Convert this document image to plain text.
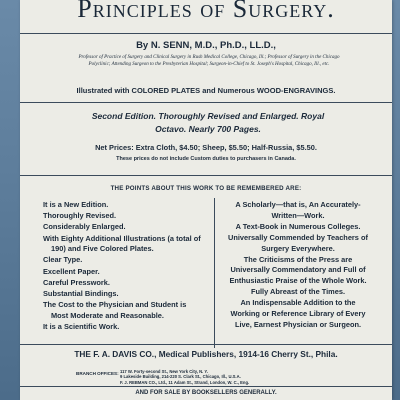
Principles of Surgery.
By N. SENN, M.D., Ph.D., LL.D.,
Professor of Practice of Surgery and Clinical Surgery in Rush Medical College, Chicago, Ill.; Professor of Surgery in the Chicago Polyclinic; Attending Surgeon to the Presbyterian Hospital; Surgeon-in-Chief to St. Joseph's Hospital, Chicago, Ill., etc.
Illustrated with COLORED PLATES and Numerous WOOD-ENGRAVINGS.
Second Edition. Thoroughly Revised and Enlarged. Royal Octavo. Nearly 700 Pages.
Net Prices: Extra Cloth, $4.50; Sheep, $5.50; Half-Russia, $5.50.
These prices do not include Custom duties to purchasers in Canada.
THE POINTS ABOUT THIS WORK TO BE REMEMBERED ARE:
It is a New Edition.
Thoroughly Revised.
Considerably Enlarged.
With Eighty Additional Illustrations (a total of 190) and Five Colored Plates.
Clear Type.
Excellent Paper.
Careful Presswork.
Substantial Bindings.
The Cost to the Physician and Student is Most Moderate and Reasonable.
It is a Scientific Work.
A Scholarly—that is, An Accurately-Written—Work.
A Text-Book in Numerous Colleges.
Universally Commended by Teachers of Surgery Everywhere.
The Criticisms of the Press are Universally Commendatory and Full of Enthusiastic Praise of the Whole Work.
Fully Abreast of the Times.
An Indispensable Addition to the Working or Reference Library of Every Live, Earnest Physician or Surgeon.
THE F. A. DAVIS CO., Medical Publishers, 1914-16 Cherry St., Phila.
BRANCH OFFICES: 117 W. Forty-second St., New York City, N. Y.
9 Lakeside Building, 214-220 S. Clark St., Chicago, Ill., U.S.A.
F. J. REBMAN CO., Ltd., 11 Adam St., Strand, London, W. C., Eng.
AND FOR SALE BY BOOKSELLERS GENERALLY.
